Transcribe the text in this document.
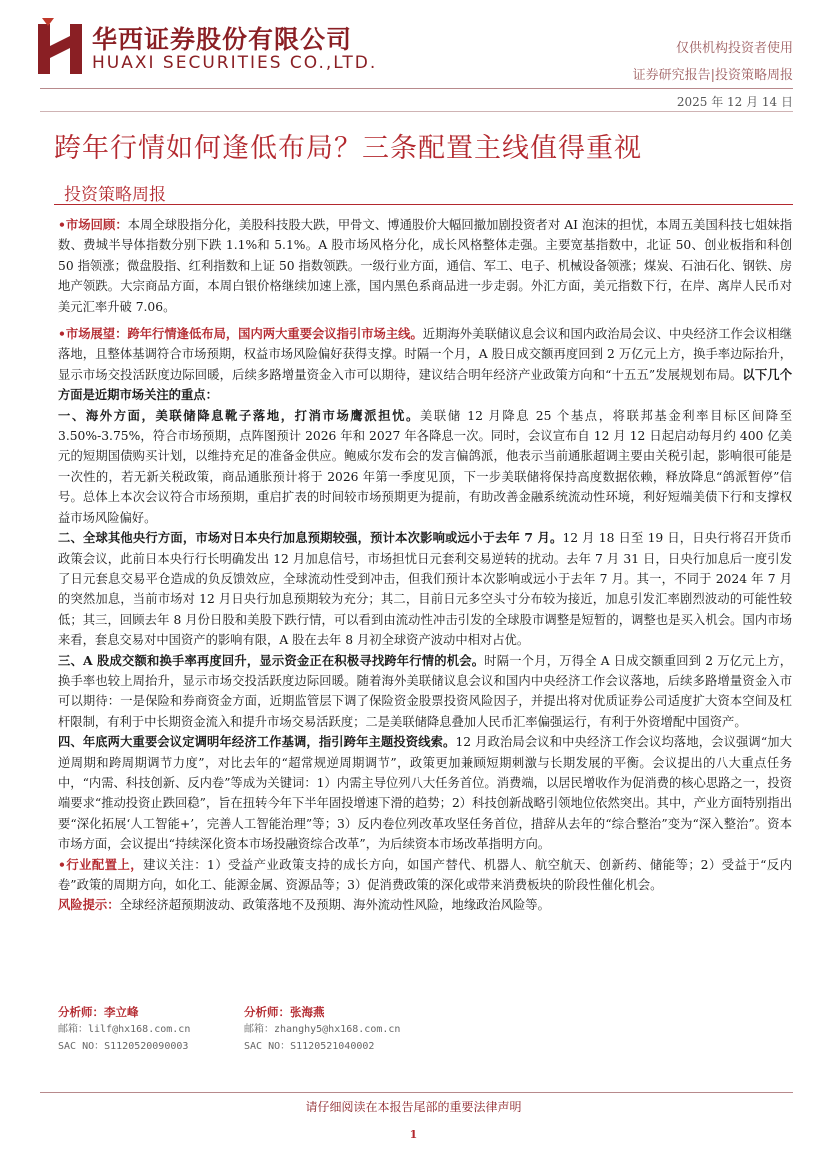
华西证券股份有限公司
HUAXI SECURITIES CO.,LTD.
仅供机构投资者使用
证券研究报告|投资策略周报
2025 年 12 月 14 日
跨年行情如何逢低布局？三条配置主线值得重视
投资策略周报

•市场回顾：本周全球股指分化，美股科技股大跌，甲骨文、博通股价大幅回撤加剧投资者对 AI 泡沫的担忧，本周五美国科技七姐妹指数、费城半导体指数分别下跌 1.1%和 5.1%。A 股市场风格分化，成长风格整体走强。主要宽基指数中，北证 50、创业板指和科创 50 指领涨；微盘股指、红利指数和上证 50 指数领跌。一级行业方面，通信、军工、电子、机械设备领涨；煤炭、石油石化、钢铁、房地产领跌。大宗商品方面，本周白银价格继续加速上涨，国内黑色系商品进一步走弱。外汇方面，美元指数下行，在岸、离岸人民币对美元汇率升破 7.06。

•市场展望：跨年行情逢低布局，国内两大重要会议指引市场主线。近期海外美联储议息会议和国内政治局会议、中央经济工作会议相继落地，且整体基调符合市场预期，权益市场风险偏好获得支撑。时隔一个月，A 股日成交额再度回到 2 万亿元上方，换手率边际抬升，显示市场交投活跃度边际回暖，后续多路增量资金入市可以期待，建议结合明年经济产业政策方向和“十五五”发展规划布局。以下几个方面是近期市场关注的重点：

一、海外方面，美联储降息靴子落地，打消市场鹰派担忧。美联储 12 月降息 25 个基点，将联邦基金利率目标区间降至 3.50%-3.75%，符合市场预期，点阵图预计 2026 年和 2027 年各降息一次。同时，会议宣布自 12 月 12 日起启动每月约 400 亿美元的短期国债购买计划，以维持充足的准备金供应。鲍威尔发布会的发言偏鸽派，他表示当前通胀超调主要由关税引起，影响很可能是一次性的，若无新关税政策，商品通胀预计将于 2026 年第一季度见顶，下一步美联储将保持高度数据依赖，释放降息“鸽派暂停”信号。总体上本次会议符合市场预期，重启扩表的时间较市场预期更为提前，有助改善金融系统流动性环境，利好短端美债下行和支撑权益市场风险偏好。

二、全球其他央行方面，市场对日本央行加息预期较强，预计本次影响或远小于去年 7 月。12 月 18 日至 19 日，日央行将召开货币政策会议，此前日本央行行长明确发出 12 月加息信号，市场担忧日元套利交易逆转的扰动。去年 7 月 31 日，日央行加息后一度引发了日元套息交易平仓造成的负反馈效应，全球流动性受到冲击，但我们预计本次影响或远小于去年 7 月。其一，不同于 2024 年 7 月的突然加息，当前市场对 12 月日央行加息预期较为充分；其二，目前日元多空头寸分布较为接近，加息引发汇率剧烈波动的可能性较低；其三，回顾去年 8 月份日股和美股下跌行情，可以看到由流动性冲击引发的全球股市调整是短暂的，调整也是买入机会。国内市场来看，套息交易对中国资产的影响有限，A 股在去年 8 月初全球资产波动中相对占优。

三、A 股成交额和换手率再度回升，显示资金正在积极寻找跨年行情的机会。时隔一个月，万得全 A 日成交额重回到 2 万亿元上方，换手率也较上周抬升，显示市场交投活跃度边际回暖。随着海外美联储议息会议和国内中央经济工作会议落地，后续多路增量资金入市可以期待：一是保险和券商资金方面，近期监管层下调了保险资金股票投资风险因子，并提出将对优质证券公司适度扩大资本空间及杠杆限制，有利于中长期资金流入和提升市场交易活跃度；二是美联储降息叠加人民币汇率偏强运行，有利于外资增配中国资产。

四、年底两大重要会议定调明年经济工作基调，指引跨年主题投资线索。12 月政治局会议和中央经济工作会议均落地，会议强调“加大逆周期和跨周期调节力度”，对比去年的“超常规逆周期调节”，政策更加兼顾短期刺激与长期发展的平衡。会议提出的八大重点任务中，“内需、科技创新、反内卷”等成为关键词：1）内需主导位列八大任务首位。消费端，以居民增收作为促消费的核心思路之一，投资端要求“推动投资止跌回稳”，旨在扭转今年下半年固投增速下滑的趋势；2）科技创新战略引领地位依然突出。其中，产业方面特别指出要“深化拓展‘人工智能+’，完善人工智能治理”等；3）反内卷位列改革攻坚任务首位，措辞从去年的“综合整治”变为“深入整治”。资本市场方面，会议提出“持续深化资本市场投融资综合改革”，为后续资本市场改革指明方向。

•行业配置上，建议关注：1）受益产业政策支持的成长方向，如国产替代、机器人、航空航天、创新药、储能等；2）受益于“反内卷”政策的周期方向，如化工、能源金属、资源品等；3）促消费政策的深化或带来消费板块的阶段性催化机会。

风险提示：全球经济超预期波动、政策落地不及预期、海外流动性风险，地缘政治风险等。

分析师：李立峰
邮箱：lilf@hx168.com.cn
SAC NO：S1120520090003
分析师：张海燕
邮箱：zhanghy5@hx168.com.cn
SAC NO：S1120521040002
请仔细阅读在本报告尾部的重要法律声明
1
